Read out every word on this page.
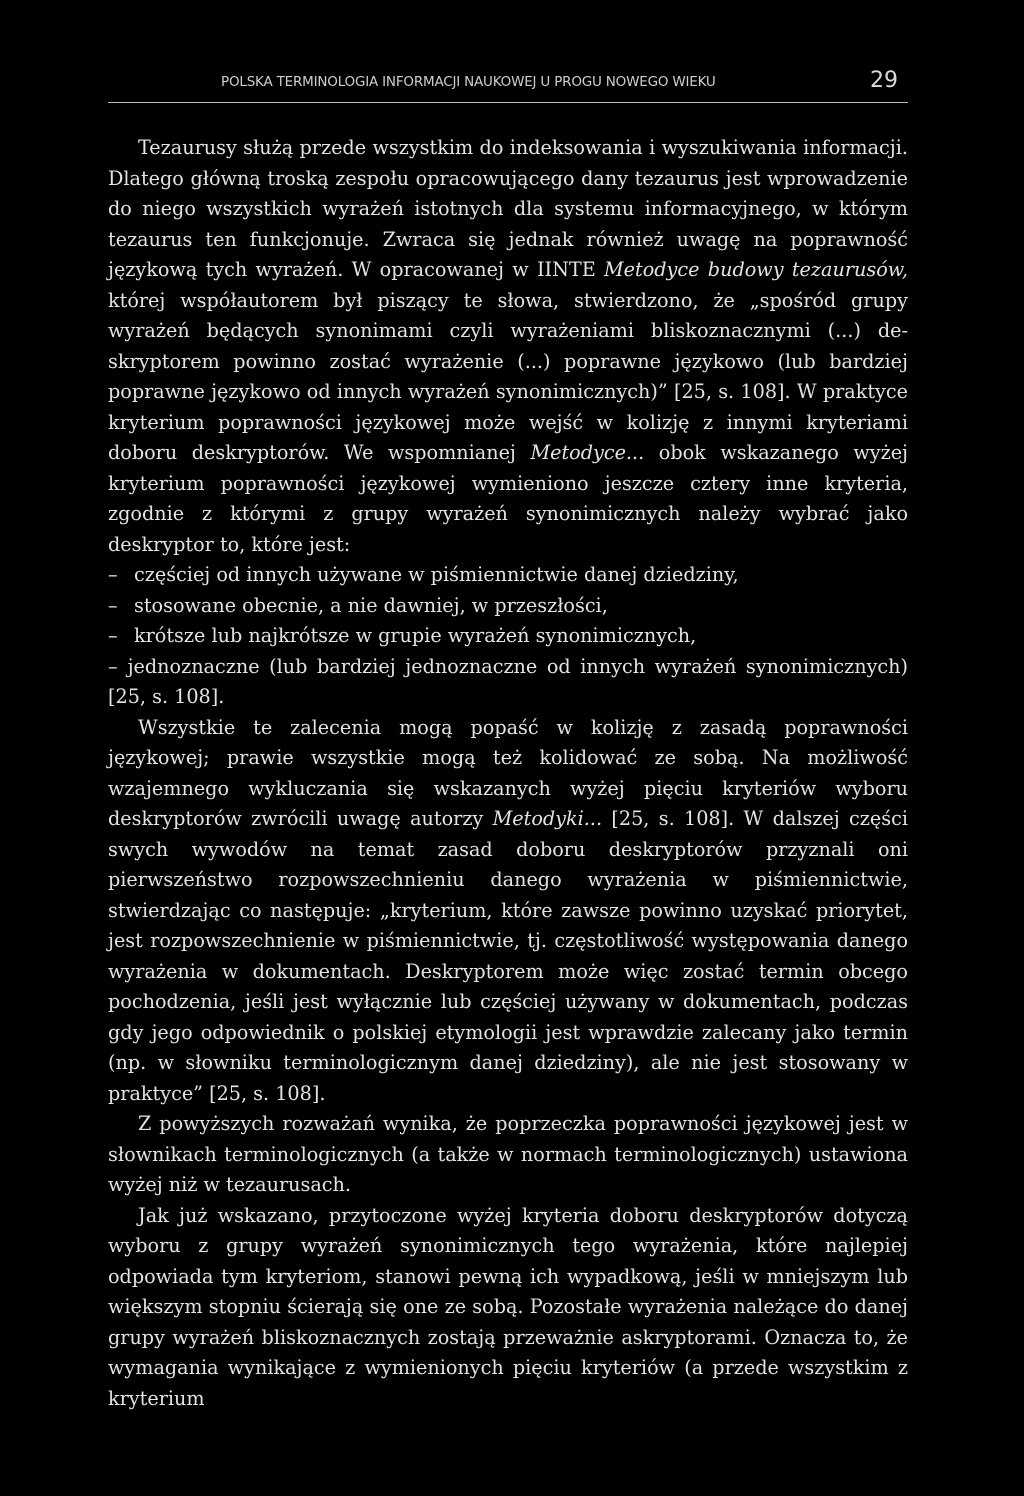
POLSKA TERMINOLOGIA INFORMACJI NAUKOWEJ U PROGU NOWEGO WIEKU	29

Tezaurusy służą przede wszystkim do indeksowania i wyszukiwania informacji. Dlatego główną troską zespołu opracowującego dany tezaurus jest wprowadzenie do niego wszystkich wyrażeń istotnych dla systemu informacyjnego, w którym tezaurus ten funkcjonuje. Zwraca się jednak również uwagę na poprawność językową tych wyrażeń. W opracowanej w IINTE Metodyce budowy tezaurusów, której współautorem był piszący te słowa, stwierdzono, że „spośród grupy wyrażeń będących synonimami czyli wyrażeniami bliskoznacznymi (...) deskryptorem powinno zostać wyrażenie (...) poprawne językowo (lub bardziej poprawne językowo od innych wyrażeń synonimicznych)” [25, s. 108]. W praktyce kryterium poprawności językowej może wejść w kolizję z innymi kryteriami doboru deskryptorów. We wspomnianej Metodyce... obok wskazanego wyżej kryterium poprawności językowej wymieniono jeszcze cztery inne kryteria, zgodnie z którymi z grupy wyrażeń synonimicznych należy wybrać jako deskryptor to, które jest:

– częściej od innych używane w piśmiennictwie danej dziedziny,
– stosowane obecnie, a nie dawniej, w przeszłości,
– krótsze lub najkrótsze w grupie wyrażeń synonimicznych,
– jednoznaczne (lub bardziej jednoznaczne od innych wyrażeń synonimicznych) [25, s. 108].

Wszystkie te zalecenia mogą popaść w kolizję z zasadą poprawności językowej; prawie wszystkie mogą też kolidować ze sobą. Na możliwość wzajemnego wykluczania się wskazanych wyżej pięciu kryteriów wyboru deskryptorów zwrócili uwagę autorzy Metodyki... [25, s. 108]. W dalszej części swych wywodów na temat zasad doboru deskryptorów przyznali oni pierwszeństwo rozpowszechnieniu danego wyrażenia w piśmiennictwie, stwierdzając co następuje: „kryterium, które zawsze powinno uzyskać priorytet, jest rozpowszechnienie w piśmiennictwie, tj. częstotliwość występowania danego wyrażenia w dokumentach. Deskryptorem może więc zostać termin obcego pochodzenia, jeśli jest wyłącznie lub częściej używany w dokumentach, podczas gdy jego odpowiednik o polskiej etymologii jest wprawdzie zalecany jako termin (np. w słowniku terminologicznym danej dziedziny), ale nie jest stosowany w praktyce” [25, s. 108].

Z powyższych rozważań wynika, że poprzeczka poprawności językowej jest w słownikach terminologicznych (a także w normach terminologicznych) ustawiona wyżej niż w tezaurusach.

Jak już wskazano, przytoczone wyżej kryteria doboru deskryptorów dotyczą wyboru z grupy wyrażeń synonimicznych tego wyrażenia, które najlepiej odpowiada tym kryteriom, stanowi pewną ich wypadkową, jeśli w mniejszym lub większym stopniu ścierają się one ze sobą. Pozostałe wyrażenia należące do danej grupy wyrażeń bliskoznacznych zostają przeważnie askryptorami. Oznacza to, że wymagania wynikające z wymienionych pięciu kryteriów (a przede wszystkim z kryterium
